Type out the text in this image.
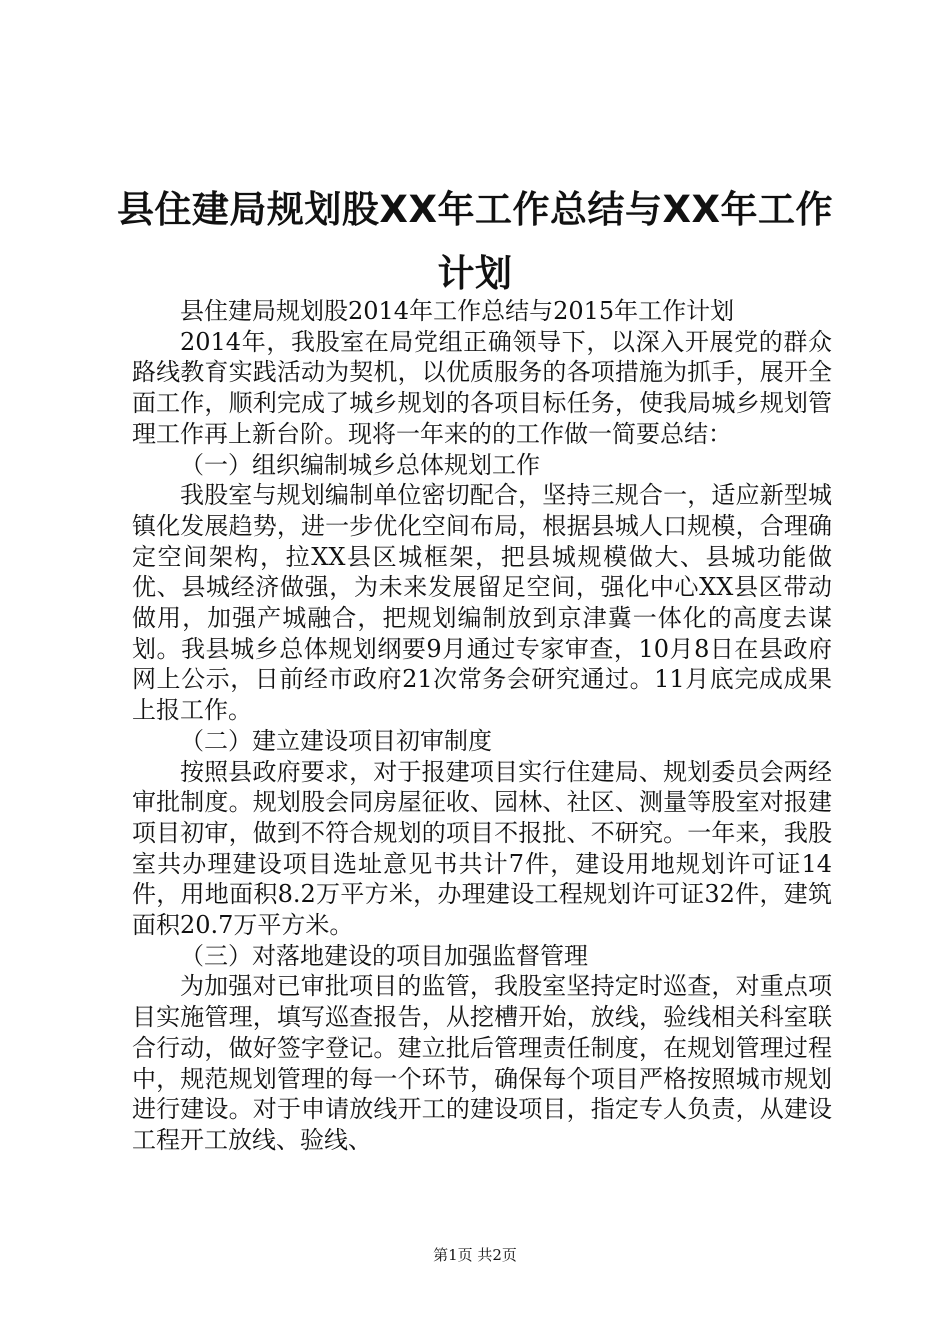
县住建局规划股XX年工作总结与XX年工作计划

县住建局规划股2014年工作总结与2015年工作计划

2014年，我股室在局党组正确领导下，以深入开展党的群众路线教育实践活动为契机，以优质服务的各项措施为抓手，展开全面工作，顺利完成了城乡规划的各项目标任务，使我局城乡规划管理工作再上新台阶。现将一年来的的工作做一简要总结：

（一）组织编制城乡总体规划工作

我股室与规划编制单位密切配合，坚持三规合一，适应新型城镇化发展趋势，进一步优化空间布局，根据县城人口规模，合理确定空间架构，拉XX县区城框架，把县城规模做大、县城功能做优、县城经济做强，为未来发展留足空间，强化中心XX县区带动做用，加强产城融合，把规划编制放到京津冀一体化的高度去谋划。我县城乡总体规划纲要9月通过专家审查，10月8日在县政府网上公示，日前经市政府21次常务会研究通过。11月底完成成果上报工作。

（二）建立建设项目初审制度

按照县政府要求，对于报建项目实行住建局、规划委员会两经审批制度。规划股会同房屋征收、园林、社区、测量等股室对报建项目初审，做到不符合规划的项目不报批、不研究。一年来，我股室共办理建设项目选址意见书共计7件，建设用地规划许可证14件，用地面积8.2万平方米，办理建设工程规划许可证32件，建筑面积20.7万平方米。

（三）对落地建设的项目加强监督管理

为加强对已审批项目的监管，我股室坚持定时巡查，对重点项目实施管理，填写巡查报告，从挖槽开始，放线，验线相关科室联合行动，做好签字登记。建立批后管理责任制度，在规划管理过程中，规范规划管理的每一个环节，确保每个项目严格按照城市规划进行建设。对于申请放线开工的建设项目，指定专人负责，从建设工程开工放线、验线、

第1页 共2页
